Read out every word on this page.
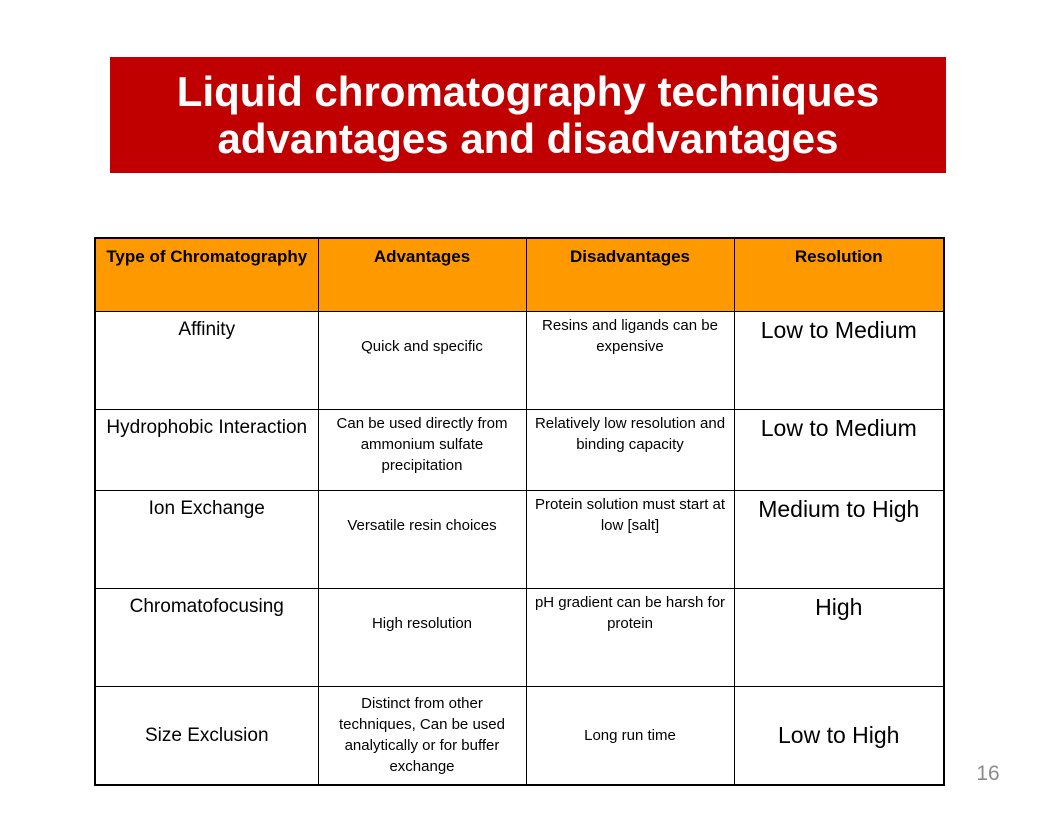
Liquid chromatography techniques
advantages and disadvantages
Type of Chromatography	Advantages	Disadvantages	Resolution
Affinity	Quick and specific	Resins and ligands can be expensive	Low to Medium
Hydrophobic Interaction	Can be used directly from ammonium sulfate precipitation	Relatively low resolution and binding capacity	Low to Medium
Ion Exchange	Versatile resin choices	Protein solution must start at low [salt]	Medium to High
Chromatofocusing	High resolution	pH gradient can be harsh for protein	High
Size Exclusion	Distinct from other techniques, Can be used analytically or for buffer exchange	Long run time	Low to High
16
